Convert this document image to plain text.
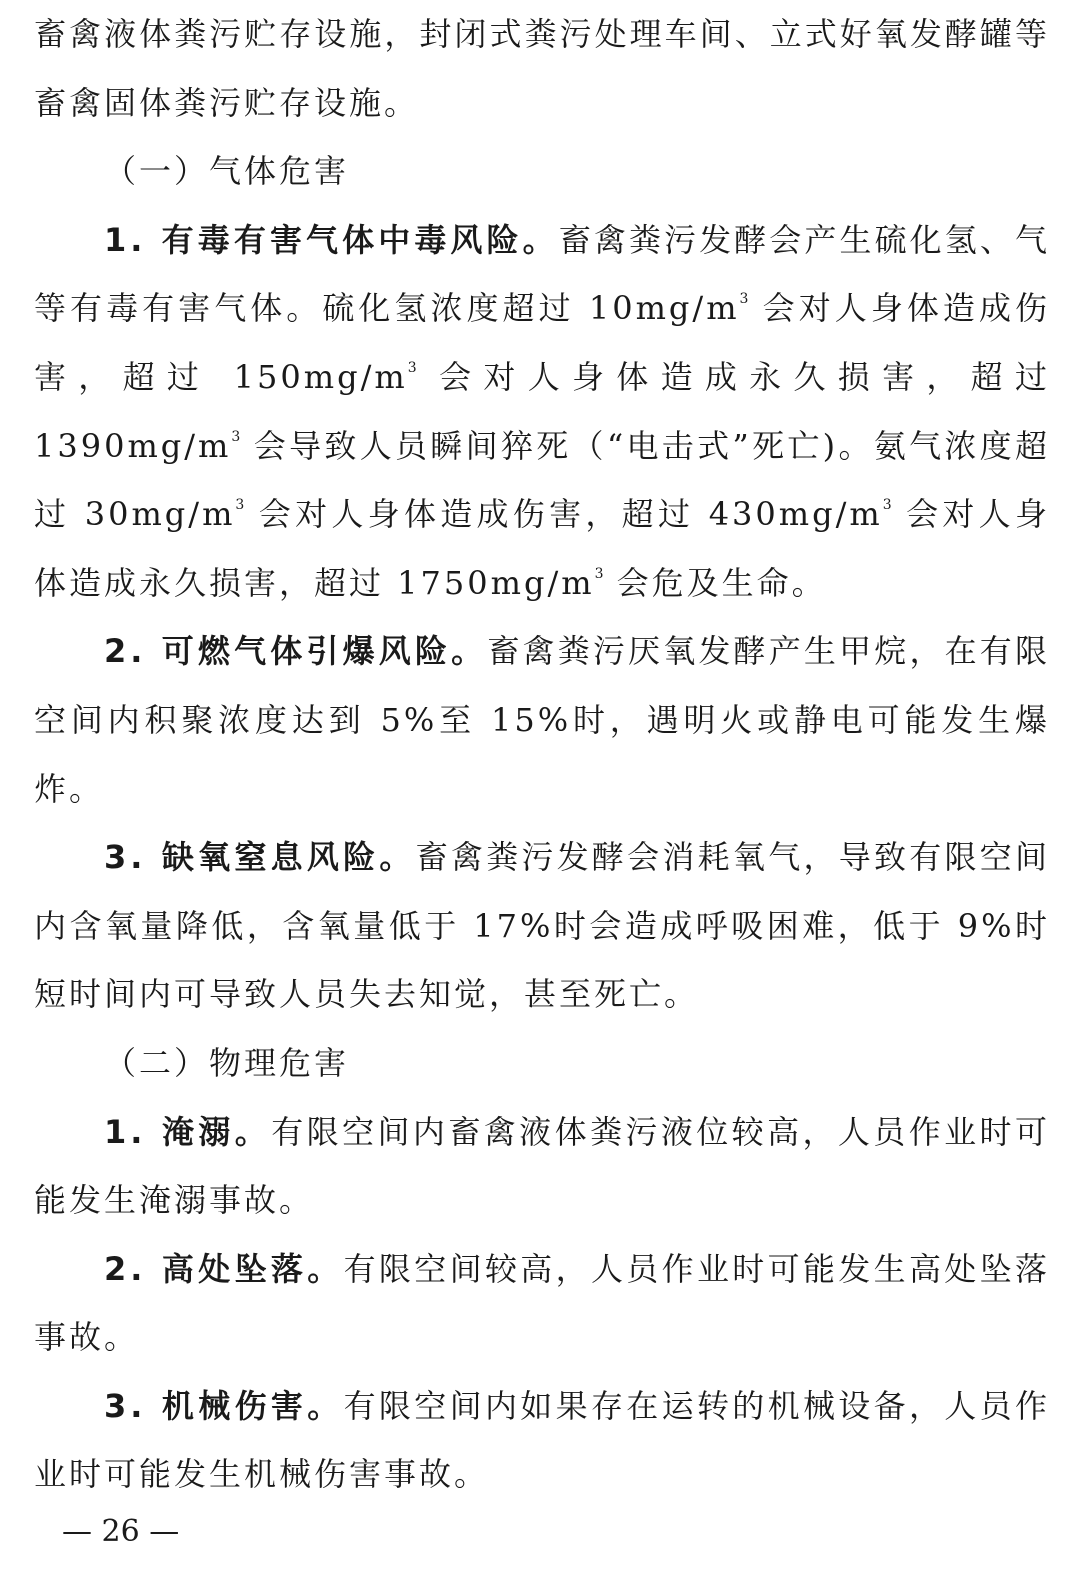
畜禽液体粪污贮存设施，封闭式粪污处理车间、立式好氧发酵罐等畜禽固体粪污贮存设施。

（一）气体危害

1. 有毒有害气体中毒风险。畜禽粪污发酵会产生硫化氢、气等有毒有害气体。硫化氢浓度超过 $10mg/m^3$ 会对人身体造成伤害，超过 $150mg/m^3$ 会对人身体造成永久损害，超过 $1390mg/m^3$ 会导致人员瞬间猝死（“电击式”死亡)。氨气浓度超过 $30mg/m^3$ 会对人身体造成伤害，超过 $430mg/m^3$ 会对人身体造成永久损害，超过 $1750mg/m^3$ 会危及生命。

2. 可燃气体引爆风险。畜禽粪污厌氧发酵产生甲烷，在有限空间内积聚浓度达到 5%至 15%时，遇明火或静电可能发生爆炸。

3. 缺氧窒息风险。畜禽粪污发酵会消耗氧气，导致有限空间内含氧量降低，含氧量低于 17%时会造成呼吸困难，低于 9%时短时间内可导致人员失去知觉，甚至死亡。

（二）物理危害

1. 淹溺。有限空间内畜禽液体粪污液位较高，人员作业时可能发生淹溺事故。

2. 高处坠落。有限空间较高，人员作业时可能发生高处坠落事故。

3. 机械伤害。有限空间内如果存在运转的机械设备，人员作业时可能发生机械伤害事故。

— 26 —
